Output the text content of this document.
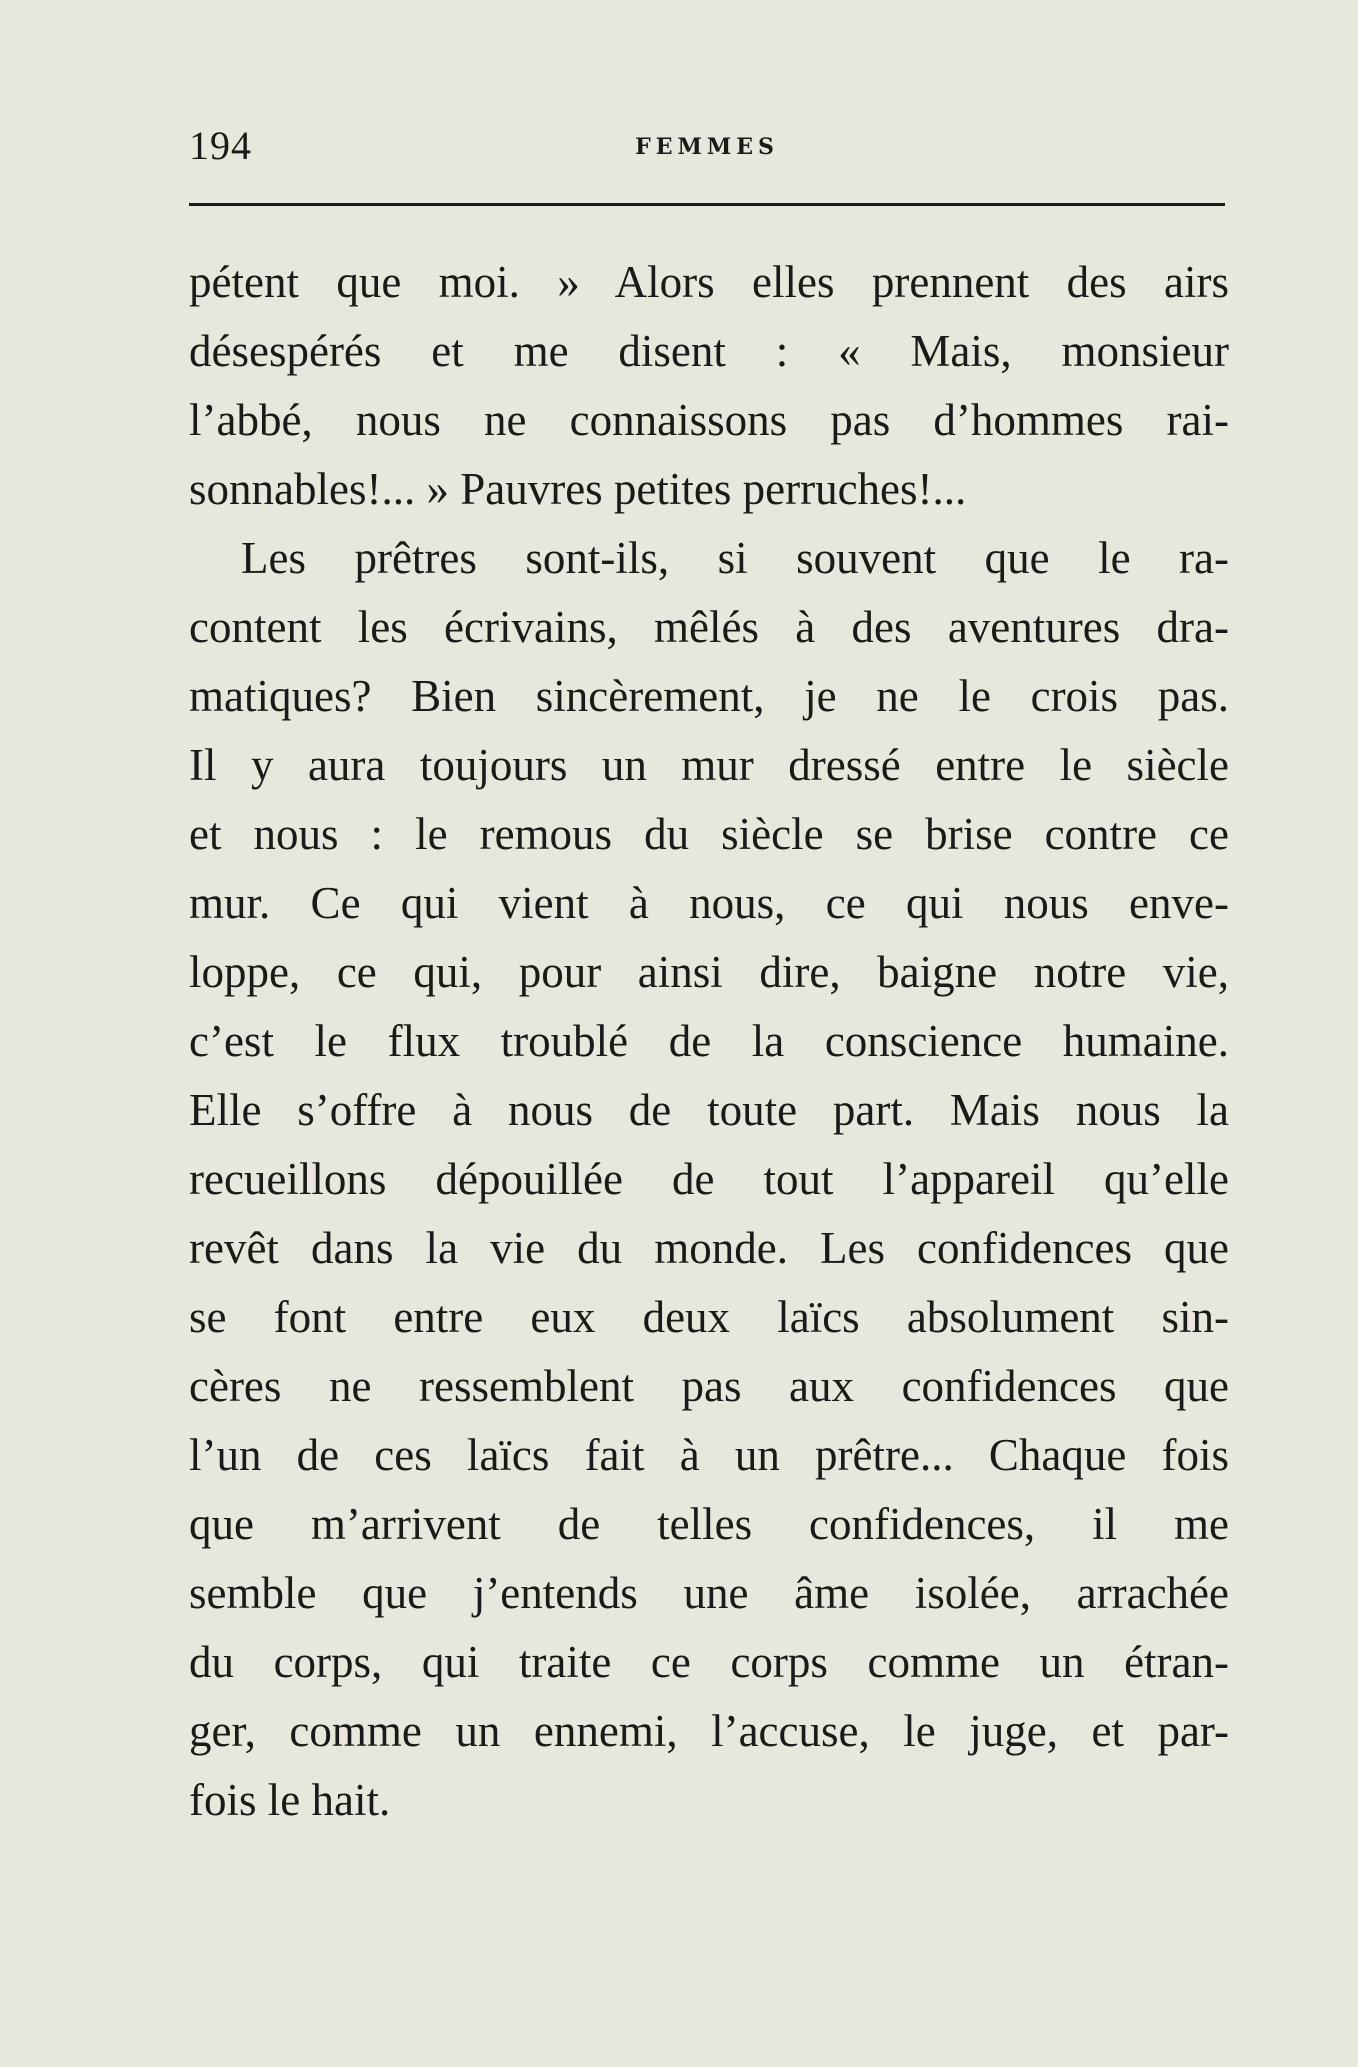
194	FEMMES
pétent que moi. » Alors elles prennent des airs
désespérés et me disent : « Mais, monsieur
l’abbé, nous ne connaissons pas d’hommes rai-
sonnables!... » Pauvres petites perruches!...
Les prêtres sont-ils, si souvent que le ra-
content les écrivains, mêlés à des aventures dra-
matiques? Bien sincèrement, je ne le crois pas.
Il y aura toujours un mur dressé entre le siècle
et nous : le remous du siècle se brise contre ce
mur. Ce qui vient à nous, ce qui nous enve-
loppe, ce qui, pour ainsi dire, baigne notre vie,
c’est le flux troublé de la conscience humaine.
Elle s’offre à nous de toute part. Mais nous la
recueillons dépouillée de tout l’appareil qu’elle
revêt dans la vie du monde. Les confidences que
se font entre eux deux laïcs absolument sin-
cères ne ressemblent pas aux confidences que
l’un de ces laïcs fait à un prêtre... Chaque fois
que m’arrivent de telles confidences, il me
semble que j’entends une âme isolée, arrachée
du corps, qui traite ce corps comme un étran-
ger, comme un ennemi, l’accuse, le juge, et par-
fois le hait.
